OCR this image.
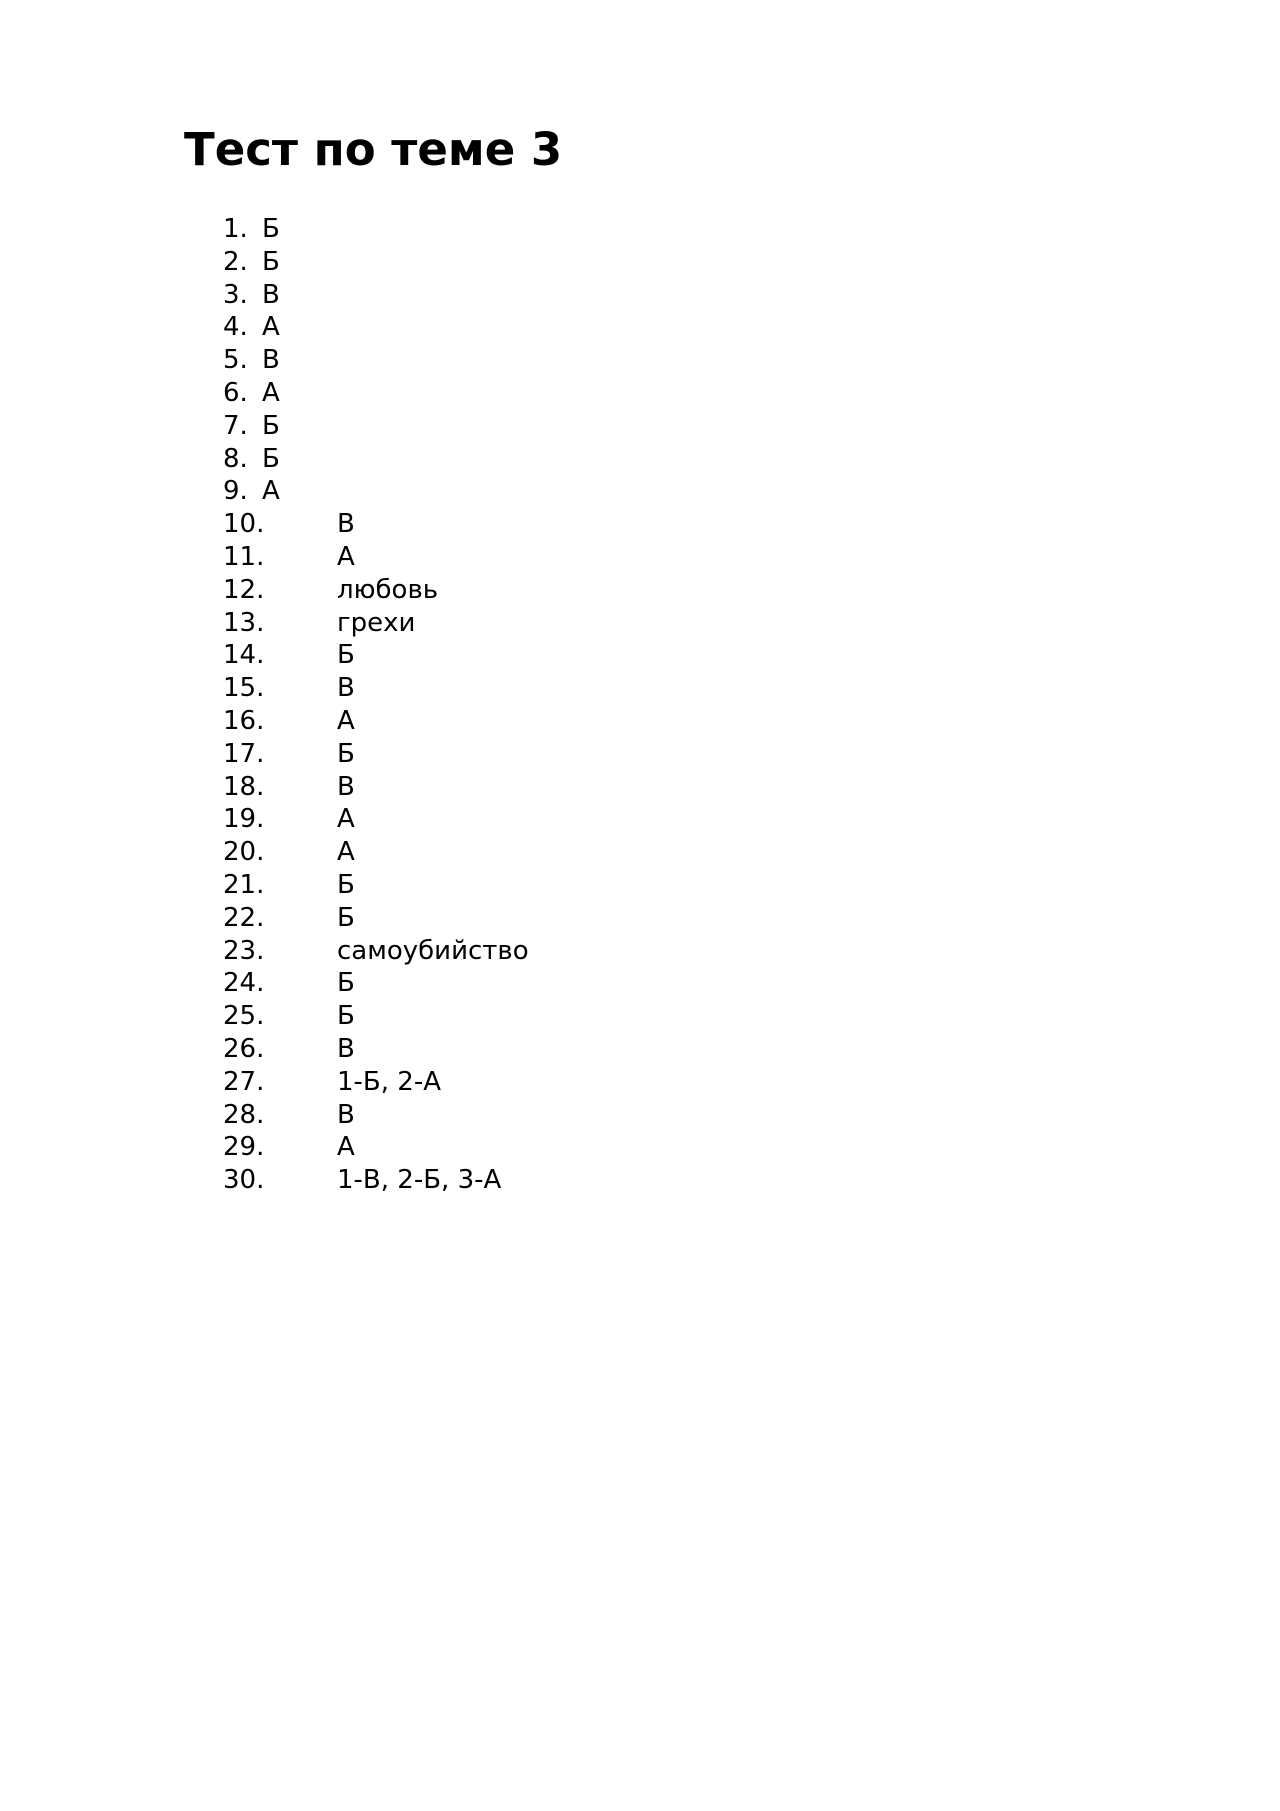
Тест по теме 3
1. Б
2. Б
3. В
4. А
5. В
6. А
7. Б
8. Б
9. А
10.	В
11.	А
12.	любовь
13.	грехи
14.	Б
15.	В
16.	А
17.	Б
18.	В
19.	А
20.	А
21.	Б
22.	Б
23.	самоубийство
24.	Б
25.	Б
26.	В
27.	1-Б, 2-А
28.	В
29.	А
30.	1-В, 2-Б, 3-А
